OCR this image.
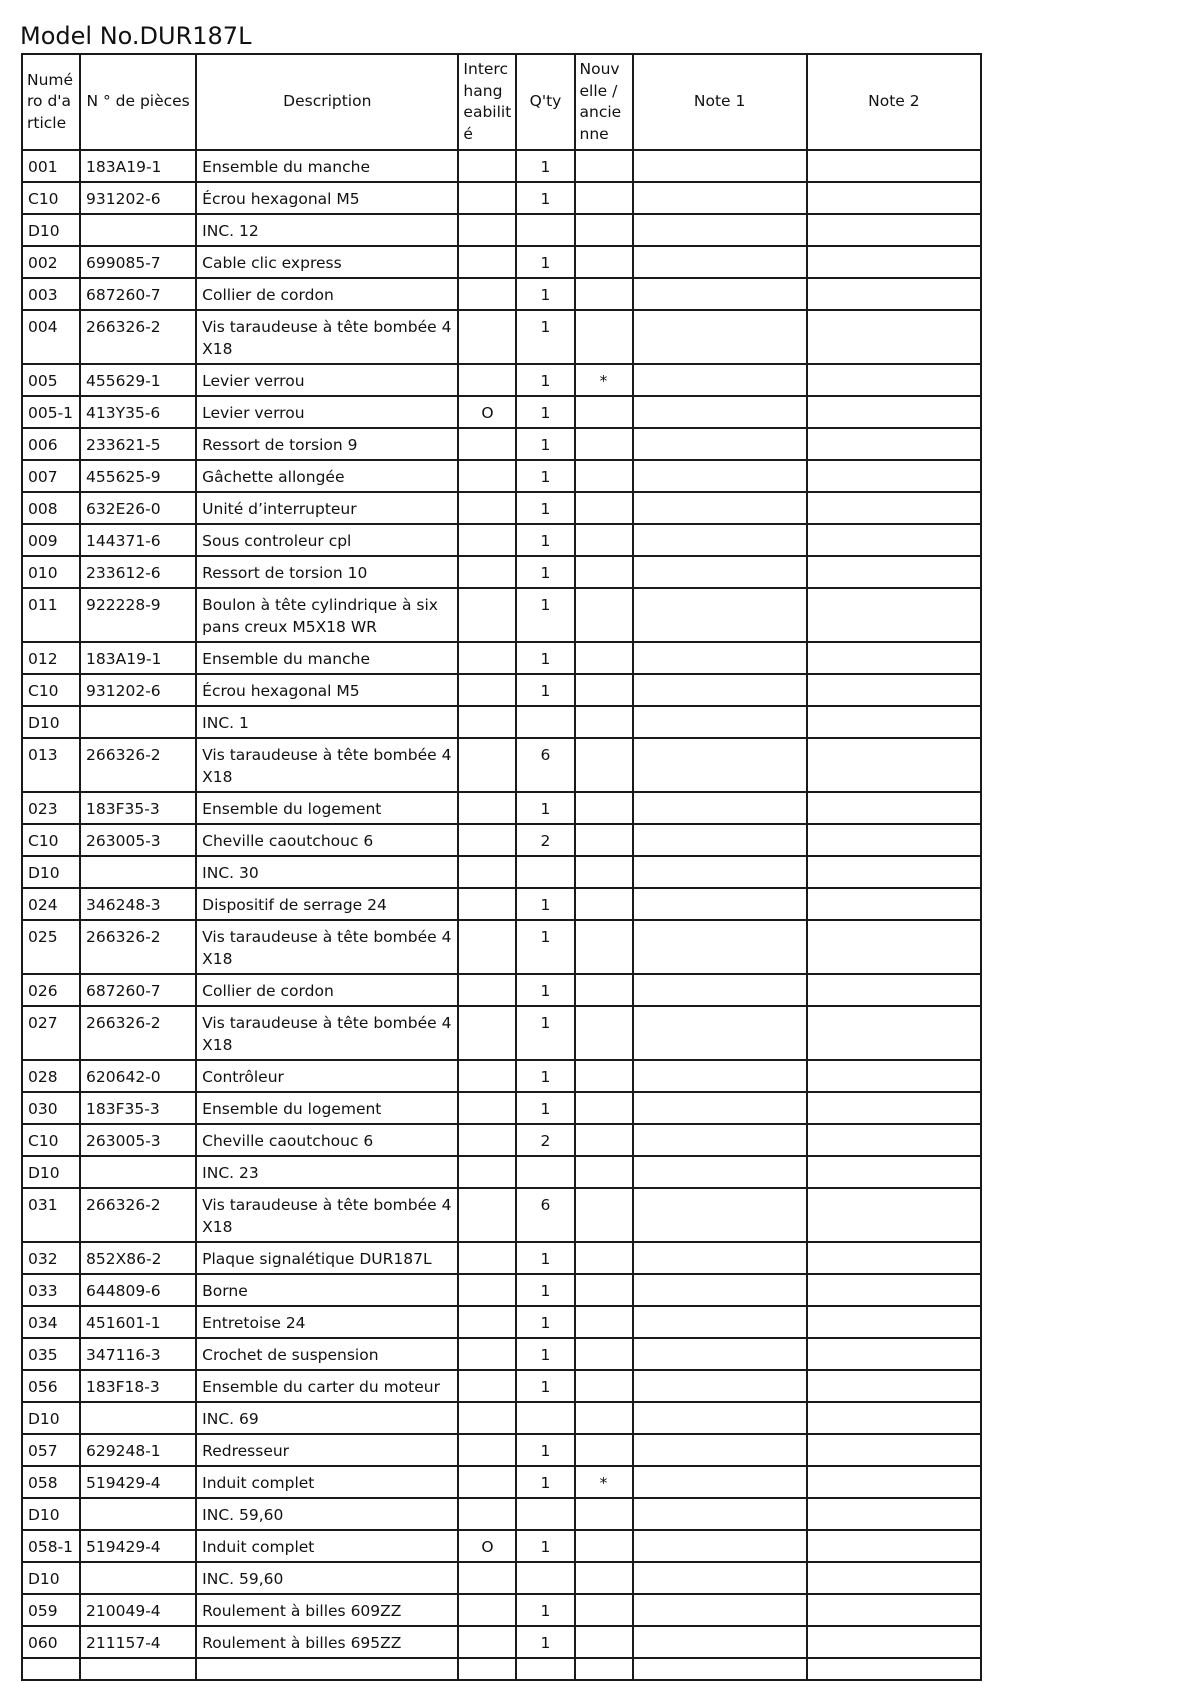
Model No.DUR187L
Numé ro d'a rticle	N ° de pièces	Description	Interc hang eabilit é	Q'ty	Nouv elle / ancie nne	Note 1	Note 2
001	183A19-1	Ensemble du manche		1			
C10	931202-6	Écrou hexagonal M5		1			
D10		INC. 12					
002	699085-7	Cable clic express		1			
003	687260-7	Collier de cordon		1			
004	266326-2	Vis taraudeuse à tête bombée 4X18		1			
005	455629-1	Levier verrou		1	*		
005-1	413Y35-6	Levier verrou	O	1			
006	233621-5	Ressort de torsion 9		1			
007	455625-9	Gâchette allongée		1			
008	632E26-0	Unité d’interrupteur		1			
009	144371-6	Sous controleur cpl		1			
010	233612-6	Ressort de torsion 10		1			
011	922228-9	Boulon à tête cylindrique à six pans creux M5X18 WR		1			
012	183A19-1	Ensemble du manche		1			
C10	931202-6	Écrou hexagonal M5		1			
D10		INC. 1					
013	266326-2	Vis taraudeuse à tête bombée 4X18		6			
023	183F35-3	Ensemble du logement		1			
C10	263005-3	Cheville caoutchouc 6		2			
D10		INC. 30					
024	346248-3	Dispositif de serrage 24		1			
025	266326-2	Vis taraudeuse à tête bombée 4X18		1			
026	687260-7	Collier de cordon		1			
027	266326-2	Vis taraudeuse à tête bombée 4X18		1			
028	620642-0	Contrôleur		1			
030	183F35-3	Ensemble du logement		1			
C10	263005-3	Cheville caoutchouc 6		2			
D10		INC. 23					
031	266326-2	Vis taraudeuse à tête bombée 4X18		6			
032	852X86-2	Plaque signalétique DUR187L		1			
033	644809-6	Borne		1			
034	451601-1	Entretoise 24		1			
035	347116-3	Crochet de suspension		1			
056	183F18-3	Ensemble du carter du moteur		1			
D10		INC. 69					
057	629248-1	Redresseur		1			
058	519429-4	Induit complet		1	*		
D10		INC. 59,60					
058-1	519429-4	Induit complet	O	1			
D10		INC. 59,60					
059	210049-4	Roulement à billes 609ZZ		1			
060	211157-4	Roulement à billes 695ZZ		1			
